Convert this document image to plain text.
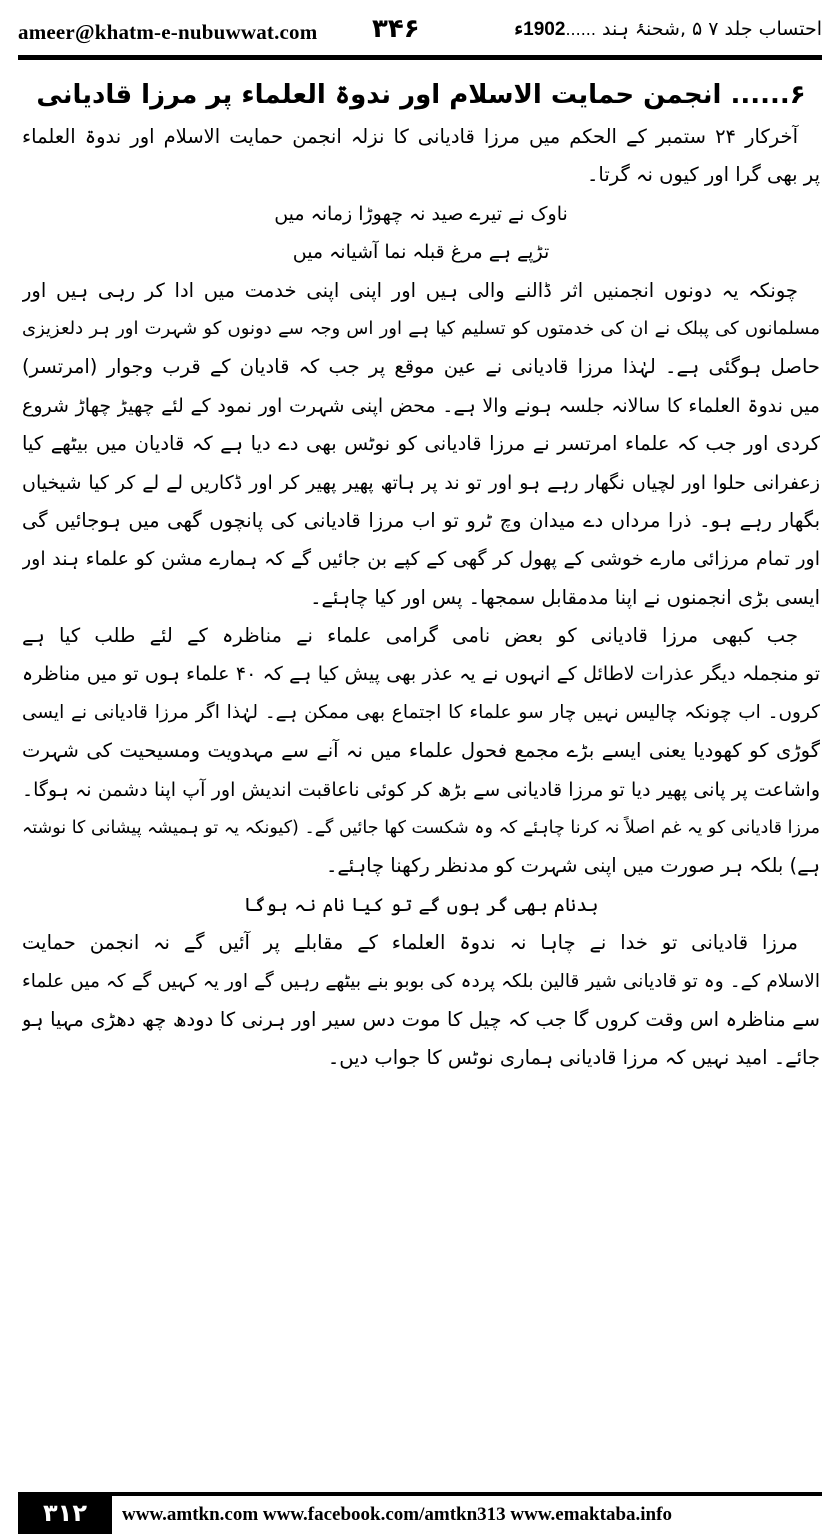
ameer@khatm-e-nubuwwat.com ۳۴۶	احتساب جلد ۷ ۵ ,شحنۂ ہند ......1902ء
۶...... انجمن حمایت الاسلام اور ندوۃ العلماء پر مرزا قادیانی
آخرکار ۲۴ ستمبر کے الحکم میں مرزا قادیانی کا نزلہ انجمن حمایت الاسلام اور ندوۃ العلماء
پر بھی گرا اور کیوں نہ گرتا۔
ناوک نے تیرے صید نہ چھوڑا زمانہ میں
تڑپے ہے مرغ قبلہ نما آشیانہ میں
چونکہ یہ دونوں انجمنیں اثر ڈالنے والی ہیں اور اپنی اپنی خدمت میں ادا کر رہی ہیں اور
مسلمانوں کی پبلک نے ان کی خدمتوں کو تسلیم کیا ہے اور اس وجہ سے دونوں کو شہرت اور ہر دلعزیزی
حاصل ہوگئی ہے۔ لہٰذا مرزا قادیانی نے عین موقع پر جب کہ قادیان کے قرب وجوار (امرتسر)
میں ندوۃ العلماء کا سالانہ جلسہ ہونے والا ہے۔ محض اپنی شہرت اور نمود کے لئے چھیڑ چھاڑ شروع
کردی اور جب کہ علماء امرتسر نے مرزا قادیانی کو نوٹس بھی دے دیا ہے کہ قادیان میں بیٹھے کیا
زعفرانی حلوا اور لچیاں نگھار رہے ہو اور تو ند پر ہاتھ پھیر پھیر کر اور ڈکاریں لے لے کر کیا شیخیاں
بگھار رہے ہو۔ ذرا مرداں دے میدان وچ ٹرو تو اب مرزا قادیانی کی پانچوں گھی میں ہوجائیں گی
اور تمام مرزائی مارے خوشی کے پھول کر گھی کے کپے بن جائیں گے کہ ہمارے مشن کو علماء ہند اور
ایسی بڑی انجمنوں نے اپنا مدمقابل سمجھا۔ پس اور کیا چاہئے۔
جب کبھی مرزا قادیانی کو بعض نامی گرامی علماء نے مناظرہ کے لئے طلب کیا ہے
تو منجملہ دیگر عذرات لاطائل کے انہوں نے یہ عذر بھی پیش کیا ہے کہ ۴۰ علماء ہوں تو میں مناظرہ
کروں۔ اب چونکہ چالیس نہیں چار سو علماء کا اجتماع بھی ممکن ہے۔ لہٰذا اگر مرزا قادیانی نے ایسی
گوڑی کو کھودیا یعنی ایسے بڑے مجمع فحول علماء میں نہ آنے سے مہدویت ومسیحیت کی شہرت
واشاعت پر پانی پھیر دیا تو مرزا قادیانی سے بڑھ کر کوئی ناعاقبت اندیش اور آپ اپنا دشمن نہ ہوگا۔
مرزا قادیانی کو یہ غم اصلاً نہ کرنا چاہئے کہ وہ شکست کھا جائیں گے۔ (کیونکہ یہ تو ہمیشہ پیشانی کا نوشتہ
ہے) بلکہ ہر صورت میں اپنی شہرت کو مدنظر رکھنا چاہئے۔
بدنام بھی گر ہوں گے تو کیا نام نہ ہوگا
مرزا قادیانی تو خدا نے چاہا نہ ندوۃ العلماء کے مقابلے پر آئیں گے نہ انجمن حمایت
الاسلام کے۔ وہ تو قادیانی شیر قالین بلکہ پردہ کی بوبو بنے بیٹھے رہیں گے اور یہ کہیں گے کہ میں علماء
سے مناظرہ اس وقت کروں گا جب کہ چیل کا موت دس سیر اور ہرنی کا دودھ چھ دھڑی مہیا ہو
جائے۔ امید نہیں کہ مرزا قادیانی ہماری نوٹس کا جواب دیں۔
۳۱۲	www.amtkn.com www.facebook.com/amtkn313 www.emaktaba.info
